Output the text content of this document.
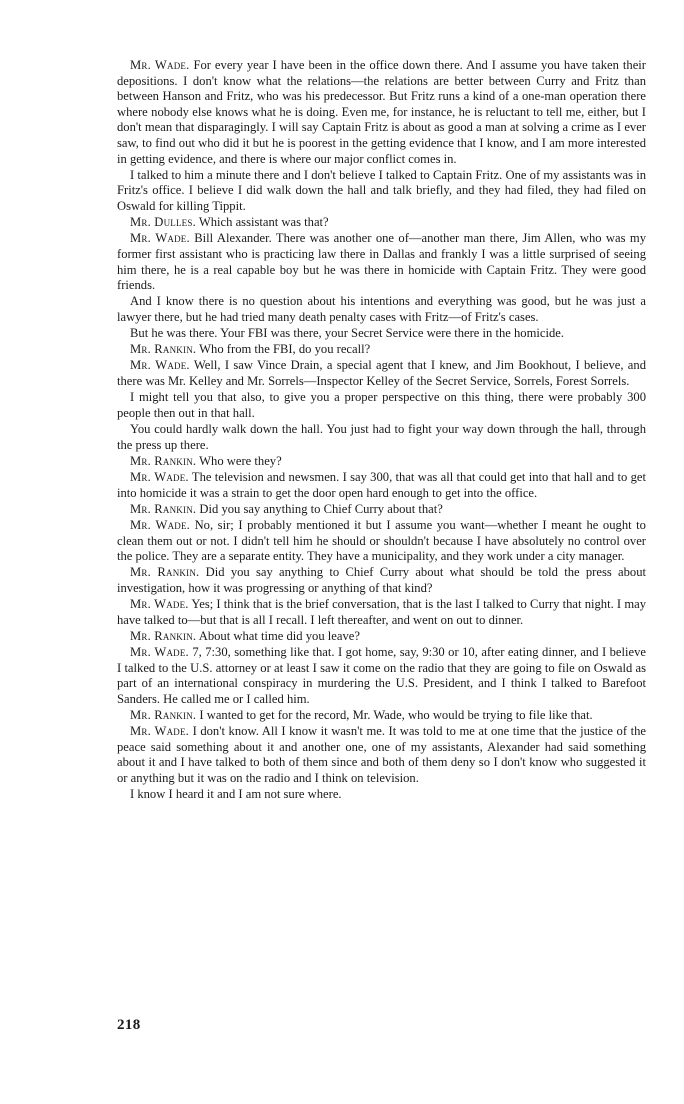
Mr. Wade. For every year I have been in the office down there. And I assume you have taken their depositions. I don't know what the relations—the relations are better between Curry and Fritz than between Hanson and Fritz, who was his predecessor. But Fritz runs a kind of a one-man operation there where nobody else knows what he is doing. Even me, for instance, he is reluctant to tell me, either, but I don't mean that disparagingly. I will say Captain Fritz is about as good a man at solving a crime as I ever saw, to find out who did it but he is poorest in the getting evidence that I know, and I am more interested in getting evidence, and there is where our major conflict comes in.

I talked to him a minute there and I don't believe I talked to Captain Fritz. One of my assistants was in Fritz's office. I believe I did walk down the hall and talk briefly, and they had filed, they had filed on Oswald for killing Tippit.

Mr. Dulles. Which assistant was that?

Mr. Wade. Bill Alexander. There was another one of—another man there, Jim Allen, who was my former first assistant who is practicing law there in Dallas and frankly I was a little surprised of seeing him there, he is a real capable boy but he was there in homicide with Captain Fritz. They were good friends.

And I know there is no question about his intentions and everything was good, but he was just a lawyer there, but he had tried many death penalty cases with Fritz—of Fritz's cases.

But he was there. Your FBI was there, your Secret Service were there in the homicide.

Mr. Rankin. Who from the FBI, do you recall?

Mr. Wade. Well, I saw Vince Drain, a special agent that I knew, and Jim Bookhout, I believe, and there was Mr. Kelley and Mr. Sorrels—Inspector Kelley of the Secret Service, Sorrels, Forest Sorrels.

I might tell you that also, to give you a proper perspective on this thing, there were probably 300 people then out in that hall.

You could hardly walk down the hall. You just had to fight your way down through the hall, through the press up there.

Mr. Rankin. Who were they?

Mr. Wade. The television and newsmen. I say 300, that was all that could get into that hall and to get into homicide it was a strain to get the door open hard enough to get into the office.

Mr. Rankin. Did you say anything to Chief Curry about that?

Mr. Wade. No, sir; I probably mentioned it but I assume you want—whether I meant he ought to clean them out or not. I didn't tell him he should or shouldn't because I have absolutely no control over the police. They are a separate entity. They have a municipality, and they work under a city manager.

Mr. Rankin. Did you say anything to Chief Curry about what should be told the press about investigation, how it was progressing or anything of that kind?

Mr. Wade. Yes; I think that is the brief conversation, that is the last I talked to Curry that night. I may have talked to—but that is all I recall. I left thereafter, and went on out to dinner.

Mr. Rankin. About what time did you leave?

Mr. Wade. 7, 7:30, something like that. I got home, say, 9:30 or 10, after eating dinner, and I believe I talked to the U.S. attorney or at least I saw it come on the radio that they are going to file on Oswald as part of an international conspiracy in murdering the U.S. President, and I think I talked to Barefoot Sanders. He called me or I called him.

Mr. Rankin. I wanted to get for the record, Mr. Wade, who would be trying to file like that.

Mr. Wade. I don't know. All I know it wasn't me. It was told to me at one time that the justice of the peace said something about it and another one, one of my assistants, Alexander had said something about it and I have talked to both of them since and both of them deny so I don't know who suggested it or anything but it was on the radio and I think on television.

I know I heard it and I am not sure where.

218
